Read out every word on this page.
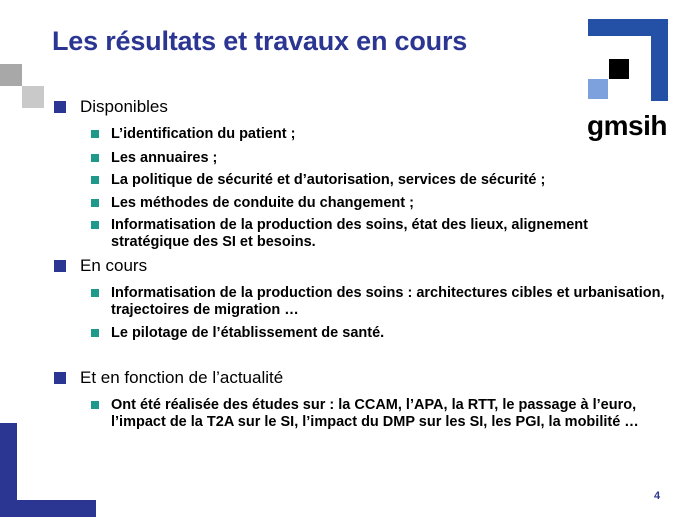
Les résultats et travaux en cours
gmsih
Disponibles
L’identification du patient ;
Les annuaires ;
La politique de sécurité et d’autorisation, services de sécurité ;
Les méthodes de conduite du changement ;
Informatisation de la production des soins, état des lieux, alignement stratégique des SI et besoins.
En cours
Informatisation de la production des soins : architectures cibles et urbanisation, trajectoires de migration …
Le pilotage de l’établissement de santé.
Et en fonction de l’actualité
Ont été réalisée des études sur : la CCAM, l’APA, la RTT, le passage à l’euro, l’impact de la T2A sur le SI, l’impact du DMP sur les SI, les PGI, la mobilité …
4
